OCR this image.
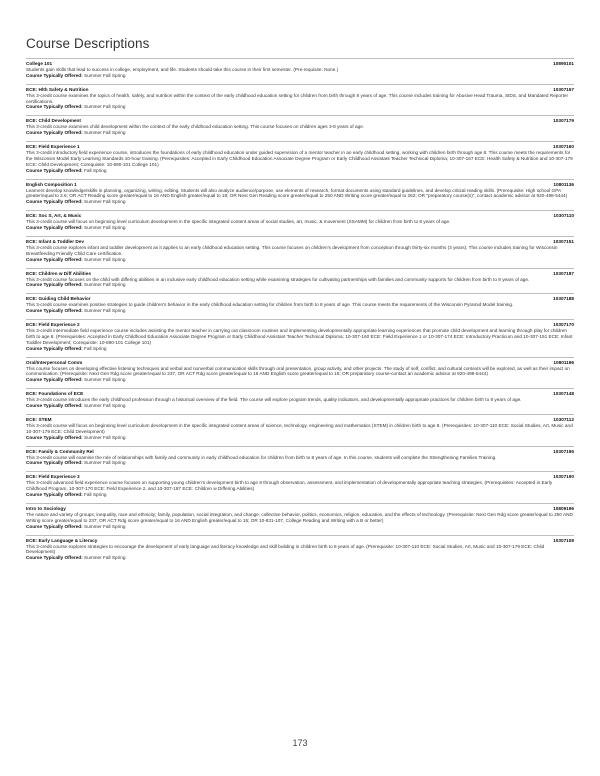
Course Descriptions
College 101	10890101
Students gain skills that lead to success in college, employment, and life. Students should take this course in their first semester. (Pre-requisite: None.)
Course Typically Offered: Summer Fall Spring
ECE: Hlth Safety & Nutrition	10307167
This 3-credit course examines the topics of health, safety, and nutrition within the context of the early childhood education setting for children from birth through 8 years of age. This course includes training for Abusive Head Trauma, SIDS, and Mandated Reporter certifications.
Course Typically Offered: Summer Fall Spring
ECE: Child Development	10307179
This 3-credit course examines child development within the context of the early childhood education setting. This course focuses on children ages 3-8 years of age.
Course Typically Offered: Summer Fall Spring
ECE: Field Experience 1	10307160
This 3-credit introductory field experience course, introduces the foundations of early childhood education under guided supervision of a mentor teacher in an early childhood setting, working with children birth through age 8. This course meets the requirements for the Wisconsin Model Early Learning Standards 10-hour training. (Prerequisites: Accepted in Early Childhood Education Associate Degree Program or Early Childhood Assistant Teacher Technical Diploma; 10-307-167 ECE: Health Safety & Nutrition and 10-307-179 ECE: Child Development; Corequisite: 10-890-101 College 101)
Course Typically Offered: Fall Spring
English Composition 1	10801136
Learners develop knowledge/skills in planning, organizing, writing, editing. Students will also analyze audience/purpose, use elements of research, format documents using standard guidelines, and develop critical reading skills. (Prerequisite: High school GPA greater/equal to 2.6; OR ACT Reading score greater/equal to 16 AND English greater/equal to 18; OR Next Gen Reading score greater/equal to 250 AND Writing score greater/equal to 262; OR "preparatory course(s)", contact academic advisor at 920-498-5444)
Course Typically Offered: Summer Fall Spring
ECE: Soc S, Art, & Music	10307110
This 3-credit course will focus on beginning level curriculum development in the specific integrated content areas of social studies, art, music, & movement (SSAMM) for children from birth to 8 years of age.
Course Typically Offered: Summer Fall Spring
ECE: Infant & Toddler Dev	10307151
This 3-credit course explores infant and toddler development as it applies to an early childhood education setting. This course focuses on children's development from conception through thirty-six months (3 years). This course includes training for Wisconsin Breastfeeding Friendly Child Care certification.
Course Typically Offered: Summer Fall Spring
ECE: Children w Diff Abilities	10307187
This 3-credit course focuses on the child with differing abilities in an inclusive early childhood education setting while examining strategies for cultivating partnerships with families and community supports for children from birth to 8 years of age.
Course Typically Offered: Summer Fall Spring
ECE: Guiding Child Behavior	10307188
This 3-credit course examines positive strategies to guide children's behavior in the early childhood education setting for children from birth to 8 years of age. This course meets the requirements of the Wisconsin Pyramid Model training.
Course Typically Offered: Summer Fall Spring
ECE: Field Experience 2	10307170
This 3-credit intermediate field experience course includes assisting the mentor teacher in carrying out classroom routines and implementing developmentally appropriate learning experiences that promote child development and learning through play for children birth to age 8. (Prerequisites: Accepted in Early Childhood Education Associate Degree Program or Early Childhood Assistant Teacher Technical Diploma; 10-307-160 ECE: Field Experience 1 or 10-307-174 ECE: Introductory Practicum and 10-307-151 ECE: Infant Toddler Development; Corequisite: 10-890-101 College 101)
Course Typically Offered: Fall Spring
Oral/Interpersonal Comm	10801196
This course focuses on developing effective listening techniques and verbal and nonverbal communication skills through oral presentation, group activity, and other projects. The study of self, conflict, and cultural contexts will be explored, as well as their impact on communication. (Prerequisite: Next Gen Rdg score greater/equal to 237, OR ACT Rdg score greater/equal to 16 AND English score greater/equal to 16; OR preparatory course-contact an academic advisor at 920-498-5444)
Course Typically Offered: Summer Fall Spring
ECE: Foundations of ECE	10307148
This 3-credit course introduces the early childhood profession through a historical overview of the field. The course will explore program trends, quality indicators, and developmentally appropriate practices for children birth to 8 years of age.
Course Typically Offered: Summer Fall Spring
ECE: STEM	10307112
This 3-credit course will focus on beginning level curriculum development in the specific integrated content areas of science, technology, engineering and mathematics (STEM) in children birth to age 8. (Prerequisites: 10-307-110 ECE: Social Studies, Art, Music and 10-307-179 ECE: Child Development)
Course Typically Offered: Summer Fall Spring
ECE: Family & Community Rel	10307195
This 3-credit course will examine the role of relationships with family and community in early childhood education for children from birth to 8 years of age. In this course, students will complete the Strengthening Families Training.
Course Typically Offered: Summer Fall Spring
ECE: Field Experience 3	10307190
This 3-credit advanced field experience course focuses on supporting young children's development birth to age 8 through observation, assessment, and implementation of developmentally appropriate teaching strategies. (Prerequisites: Accepted in Early Childhood Program, 10-307-170 ECE: Field Experience 2, and 10-307-187 ECE: Children w Differing Abilities)
Course Typically Offered: Fall Spring
Intro to Sociology	10809196
The nature and variety of groups; inequality, race and ethnicity; family, population, social integration, and change; collective behavior, politics, economics, religion, education, and the effects of technology. (Prerequisite: Next Gen Rdg score greater/equal to 250 AND Writing score greater/equal to 237; OR ACT Rdg score greater/equal to 16 AND English greater/equal to 15; OR 10-831-107, College Reading and Writing with a B or better)
Course Typically Offered: Summer Fall Spring
ECE: Early Language & Literacy	10307108
This 3-credit course explores strategies to encourage the development of early language and literacy knowledge and skill building in children birth to 8 years of age. (Prerequisite: 10-307-110 ECE: Social Studies, Art, Music and 10-307-179 ECE: Child Development)
Course Typically Offered: Summer Fall Spring
173
